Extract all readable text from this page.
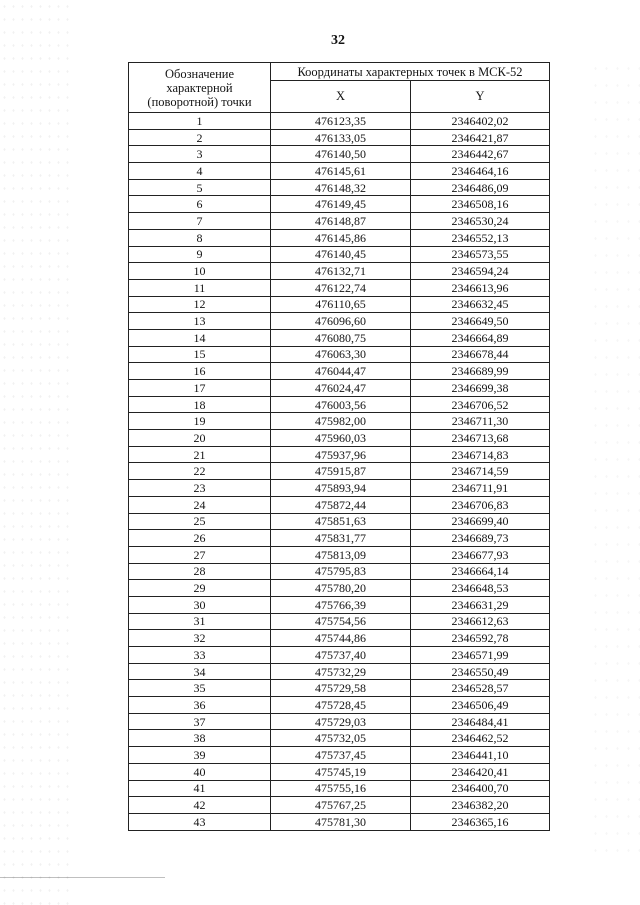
32
Обозначение
характерной
(поворотной) точки	Координаты характерных точек в МСК-52	
	X	Y
1	476123,35	2346402,02
2	476133,05	2346421,87
3	476140,50	2346442,67
4	476145,61	2346464,16
5	476148,32	2346486,09
6	476149,45	2346508,16
7	476148,87	2346530,24
8	476145,86	2346552,13
9	476140,45	2346573,55
10	476132,71	2346594,24
11	476122,74	2346613,96
12	476110,65	2346632,45
13	476096,60	2346649,50
14	476080,75	2346664,89
15	476063,30	2346678,44
16	476044,47	2346689,99
17	476024,47	2346699,38
18	476003,56	2346706,52
19	475982,00	2346711,30
20	475960,03	2346713,68
21	475937,96	2346714,83
22	475915,87	2346714,59
23	475893,94	2346711,91
24	475872,44	2346706,83
25	475851,63	2346699,40
26	475831,77	2346689,73
27	475813,09	2346677,93
28	475795,83	2346664,14
29	475780,20	2346648,53
30	475766,39	2346631,29
31	475754,56	2346612,63
32	475744,86	2346592,78
33	475737,40	2346571,99
34	475732,29	2346550,49
35	475729,58	2346528,57
36	475728,45	2346506,49
37	475729,03	2346484,41
38	475732,05	2346462,52
39	475737,45	2346441,10
40	475745,19	2346420,41
41	475755,16	2346400,70
42	475767,25	2346382,20
43	475781,30	2346365,16
